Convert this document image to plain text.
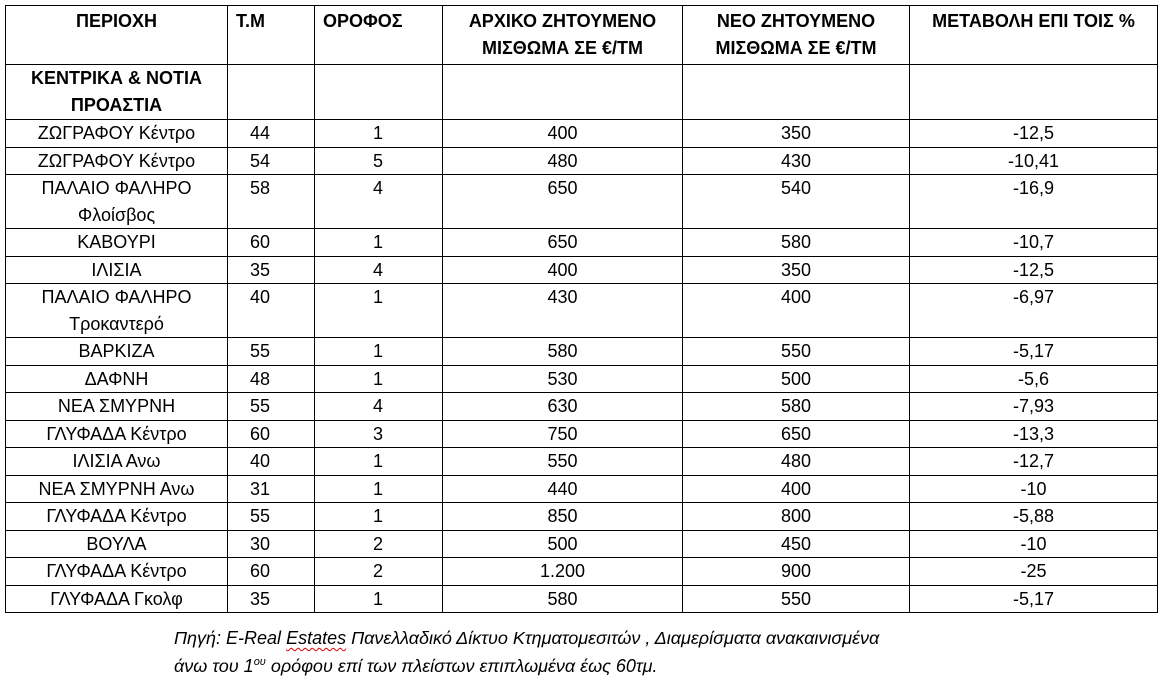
ΠΕΡΙΟΧΗ	Τ.Μ	ΟΡΟΦΟΣ	ΑΡΧΙΚΟ ΖΗΤΟΥΜΕΝΟ ΜΙΣΘΩΜΑ ΣΕ €/ΤΜ	ΝΕΟ ΖΗΤΟΥΜΕΝΟ ΜΙΣΘΩΜΑ ΣΕ €/ΤΜ	ΜΕΤΑΒΟΛΗ ΕΠΙ ΤΟΙΣ %
ΚΕΝΤΡΙΚΑ & ΝΟΤΙΑ ΠΡΟΑΣΤΙΑ					
ΖΩΓΡΑΦΟΥ Κέντρο	44	1	400	350	-12,5
ΖΩΓΡΑΦΟΥ Κέντρο	54	5	480	430	-10,41
ΠΑΛΑΙΟ ΦΑΛΗΡΟ Φλοίσβος	58	4	650	540	-16,9
ΚΑΒΟΥΡΙ	60	1	650	580	-10,7
ΙΛΙΣΙΑ	35	4	400	350	-12,5
ΠΑΛΑΙΟ ΦΑΛΗΡΟ Τροκαντερό	40	1	430	400	-6,97
ΒΑΡΚΙΖΑ	55	1	580	550	-5,17
ΔΑΦΝΗ	48	1	530	500	-5,6
ΝΕΑ ΣΜΥΡΝΗ	55	4	630	580	-7,93
ΓΛΥΦΑΔΑ Κέντρο	60	3	750	650	-13,3
ΙΛΙΣΙΑ Ανω	40	1	550	480	-12,7
ΝΕΑ ΣΜΥΡΝΗ Ανω	31	1	440	400	-10
ΓΛΥΦΑΔΑ Κέντρο	55	1	850	800	-5,88
ΒΟΥΛΑ	30	2	500	450	-10
ΓΛΥΦΑΔΑ Κέντρο	60	2	1.200	900	-25
ΓΛΥΦΑΔΑ Γκολφ	35	1	580	550	-5,17

Πηγή: E-Real Estates Πανελλαδικό Δίκτυο Κτηματομεσιτών , Διαμερίσματα ανακαινισμένα

άνω του $1^{o\upsilon}$ ορόφου επί των πλείστων επιπλωμένα έως 60τμ.
